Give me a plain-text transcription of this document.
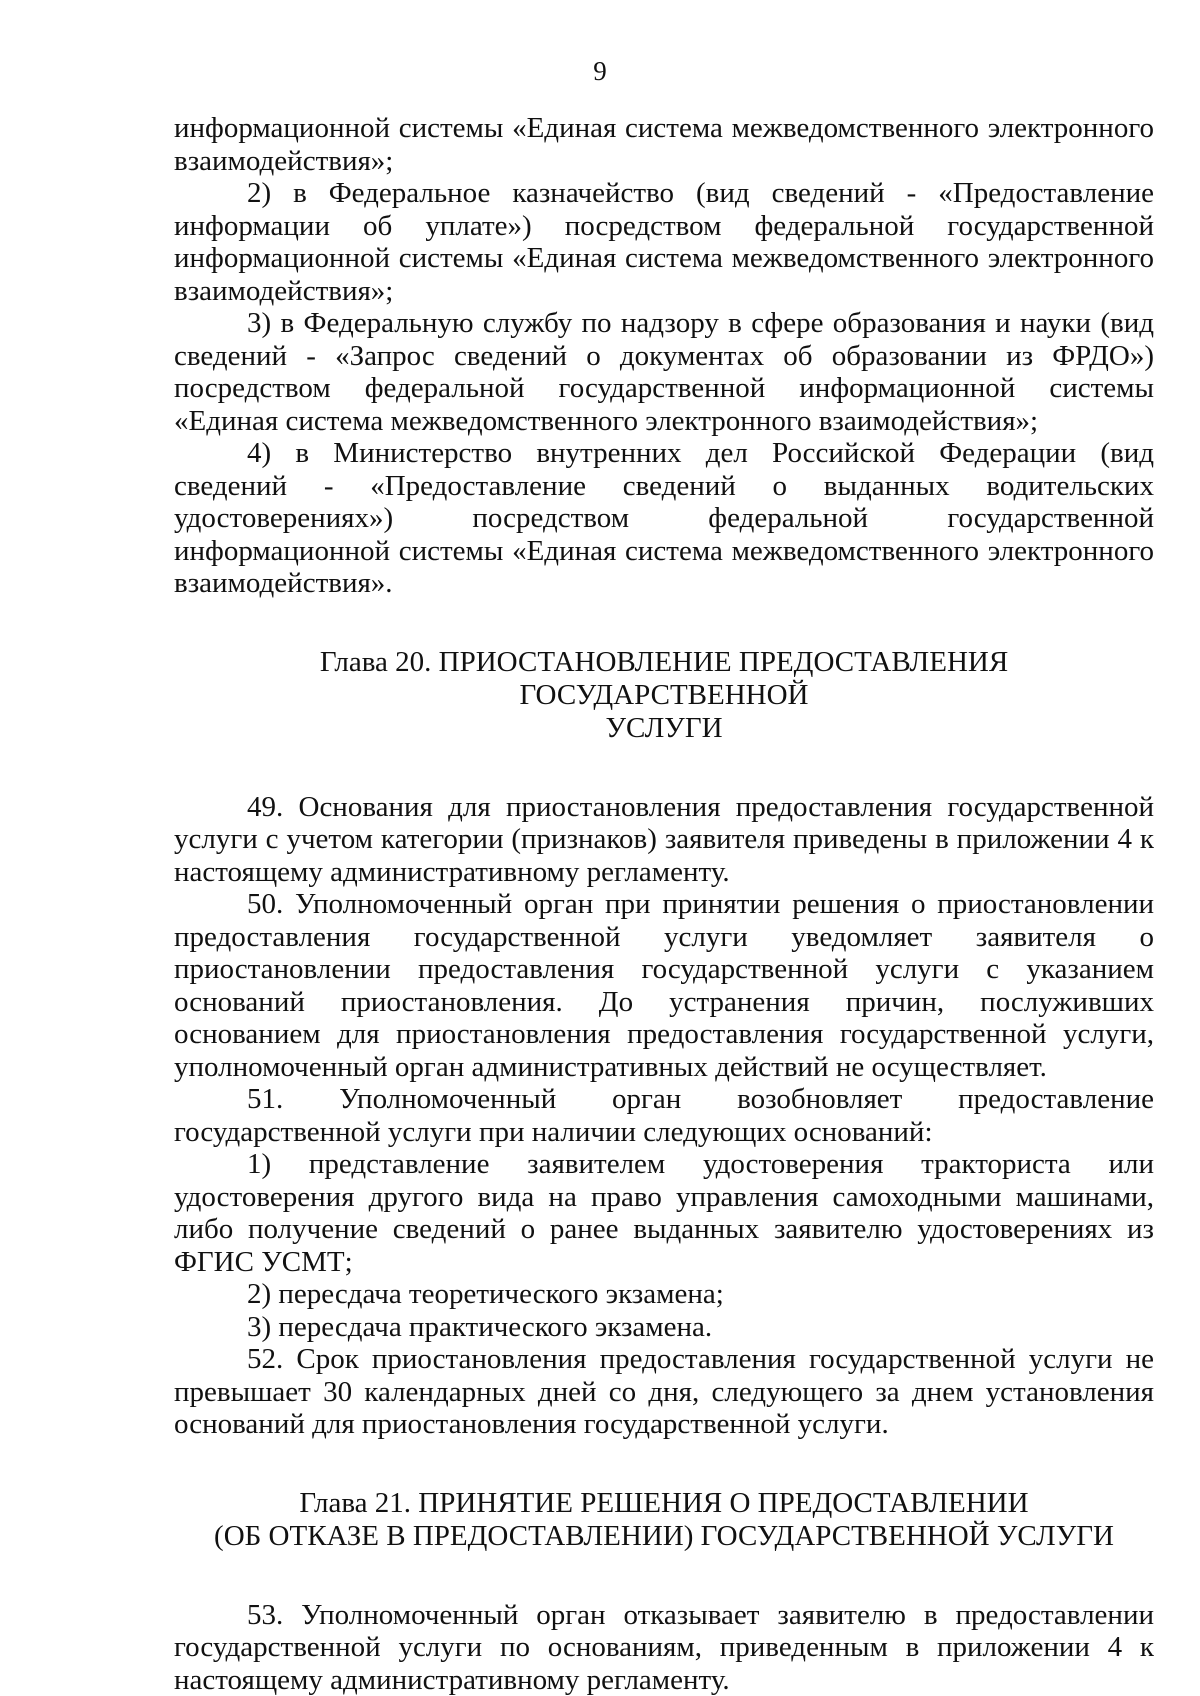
9

информационной системы «Единая система межведомственного электронного взаимодействия»;

2) в Федеральное казначейство (вид сведений - «Предоставление информации об уплате») посредством федеральной государственной информационной системы «Единая система межведомственного электронного взаимодействия»;

3) в Федеральную службу по надзору в сфере образования и науки (вид сведений - «Запрос сведений о документах об образовании из ФРДО») посредством федеральной государственной информационной системы «Единая система межведомственного электронного взаимодействия»;

4) в Министерство внутренних дел Российской Федерации (вид сведений - «Предоставление сведений о выданных водительских удостоверениях») посредством федеральной государственной информационной системы «Единая система межведомственного электронного взаимодействия».

Глава 20. ПРИОСТАНОВЛЕНИЕ ПРЕДОСТАВЛЕНИЯ ГОСУДАРСТВЕННОЙ
УСЛУГИ

49. Основания для приостановления предоставления государственной услуги с учетом категории (признаков) заявителя приведены в приложении 4 к настоящему административному регламенту.

50. Уполномоченный орган при принятии решения о приостановлении предоставления государственной услуги уведомляет заявителя о приостановлении предоставления государственной услуги с указанием оснований приостановления. До устранения причин, послуживших основанием для приостановления предоставления государственной услуги, уполномоченный орган административных действий не осуществляет.

51. Уполномоченный орган возобновляет предоставление государственной услуги при наличии следующих оснований:

1) представление заявителем удостоверения тракториста или удостоверения другого вида на право управления самоходными машинами, либо получение сведений о ранее выданных заявителю удостоверениях из ФГИС УСМТ;

2) пересдача теоретического экзамена;

3) пересдача практического экзамена.

52. Срок приостановления предоставления государственной услуги не превышает 30 календарных дней со дня, следующего за днем установления оснований для приостановления государственной услуги.

Глава 21. ПРИНЯТИЕ РЕШЕНИЯ О ПРЕДОСТАВЛЕНИИ
(ОБ ОТКАЗЕ В ПРЕДОСТАВЛЕНИИ) ГОСУДАРСТВЕННОЙ УСЛУГИ

53. Уполномоченный орган отказывает заявителю в предоставлении государственной услуги по основаниям, приведенным в приложении 4 к настоящему административному регламенту.
